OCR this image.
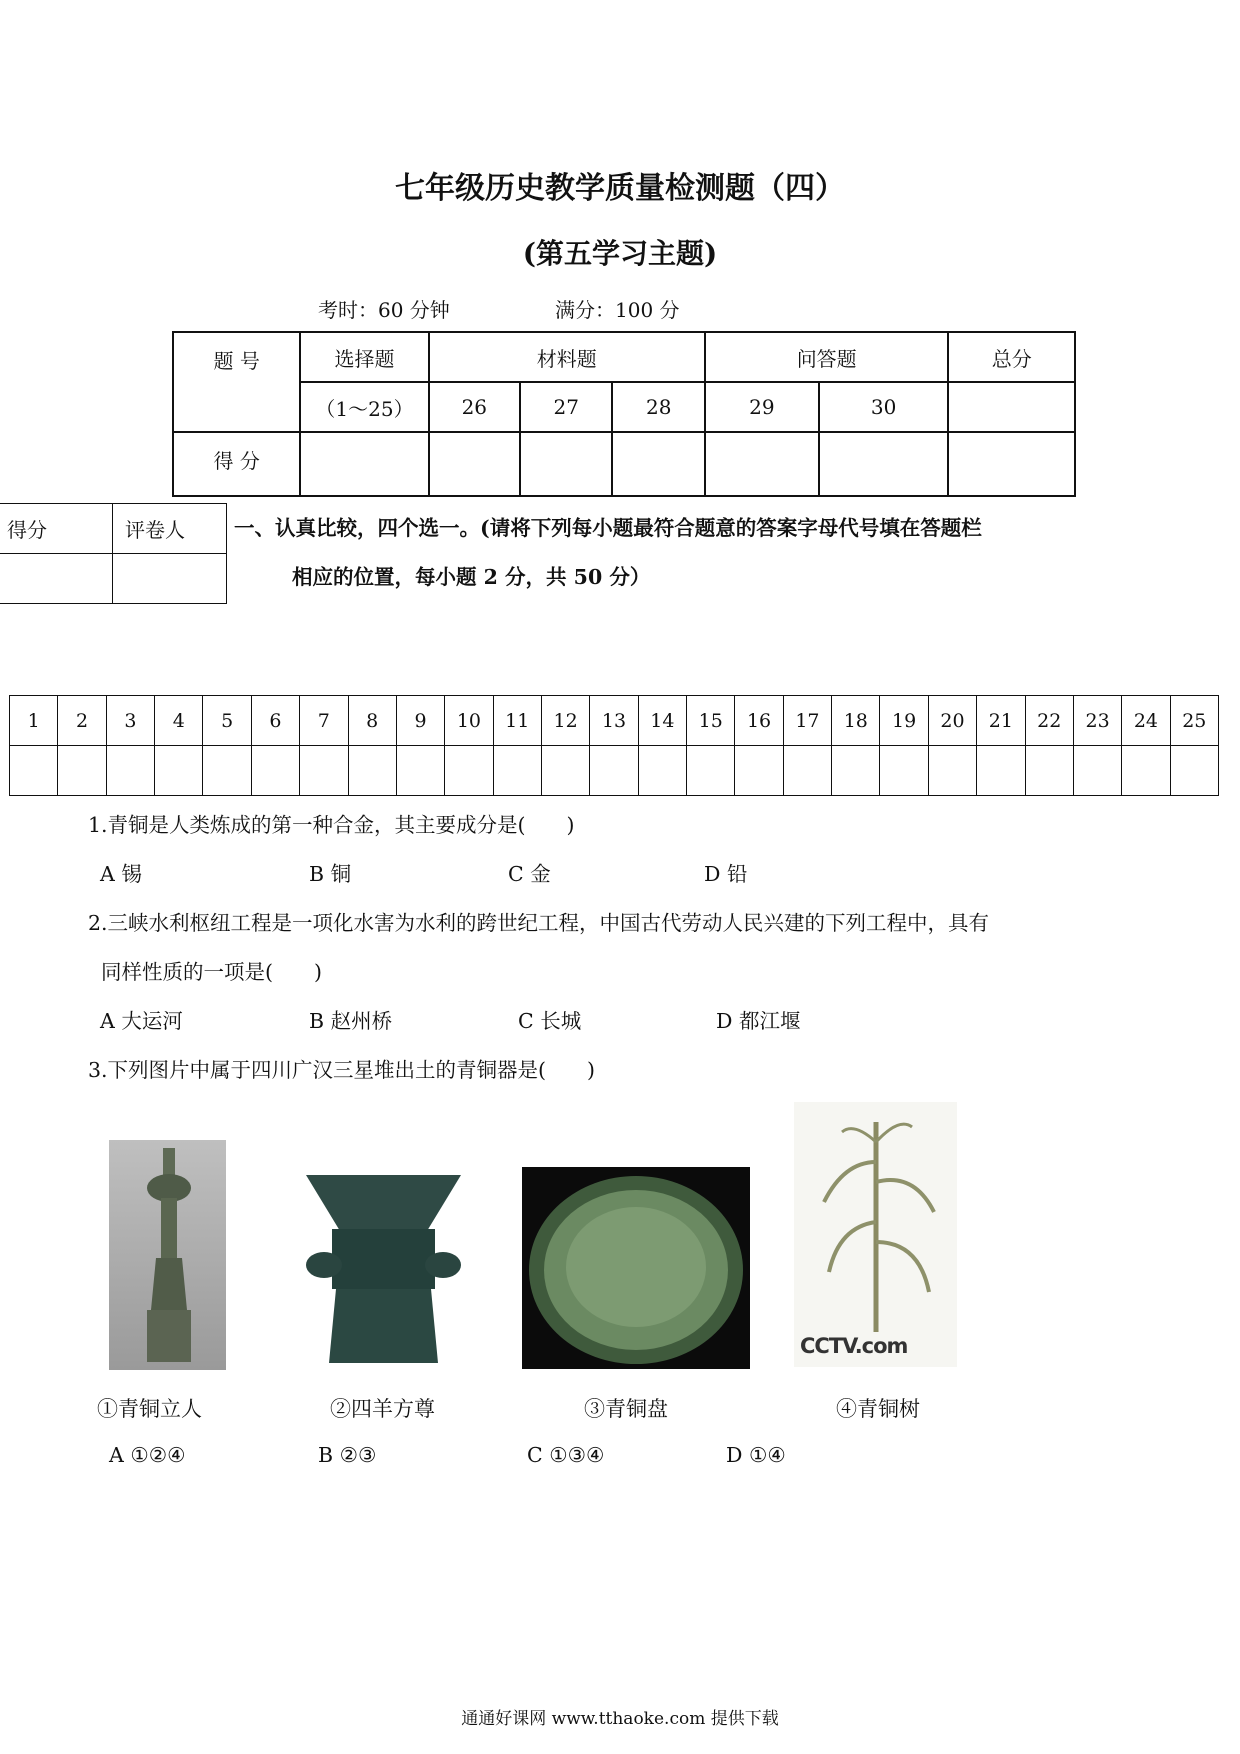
七年级历史教学质量检测题（四）
(第五学习主题)
考时：60 分钟	满分：100 分
题 号	选择题	材料题			问答题		总分
	（1～25）	26	27	28	29	30	
得 分							
得分	评卷人
	一、认真比较，四个选一。(请将下列每小题最符合题意的答案字母代号填在答题栏
相应的位置，每小题 2 分，共 50 分）
1	2	3	4	5	6	7	8	9	10	11	12	13	14	15	16	17	18	19	20	21	22	23	24	25

1.青铜是人类炼成的第一种合金，其主要成分是(　　)
A 锡	B 铜	C 金	D 铅
2.三峡水利枢纽工程是一项化水害为水利的跨世纪工程，中国古代劳动人民兴建的下列工程中，具有
同样性质的一项是(　　)
A 大运河	B 赵州桥	C 长城	D 都江堰
3.下列图片中属于四川广汉三星堆出土的青铜器是(　　)
CCTV.com
①青铜立人	②四羊方尊	③青铜盘	④青铜树
A ①②④	B ②③	C ①③④	D ①④
通通好课网 www.tthaoke.com 提供下载
